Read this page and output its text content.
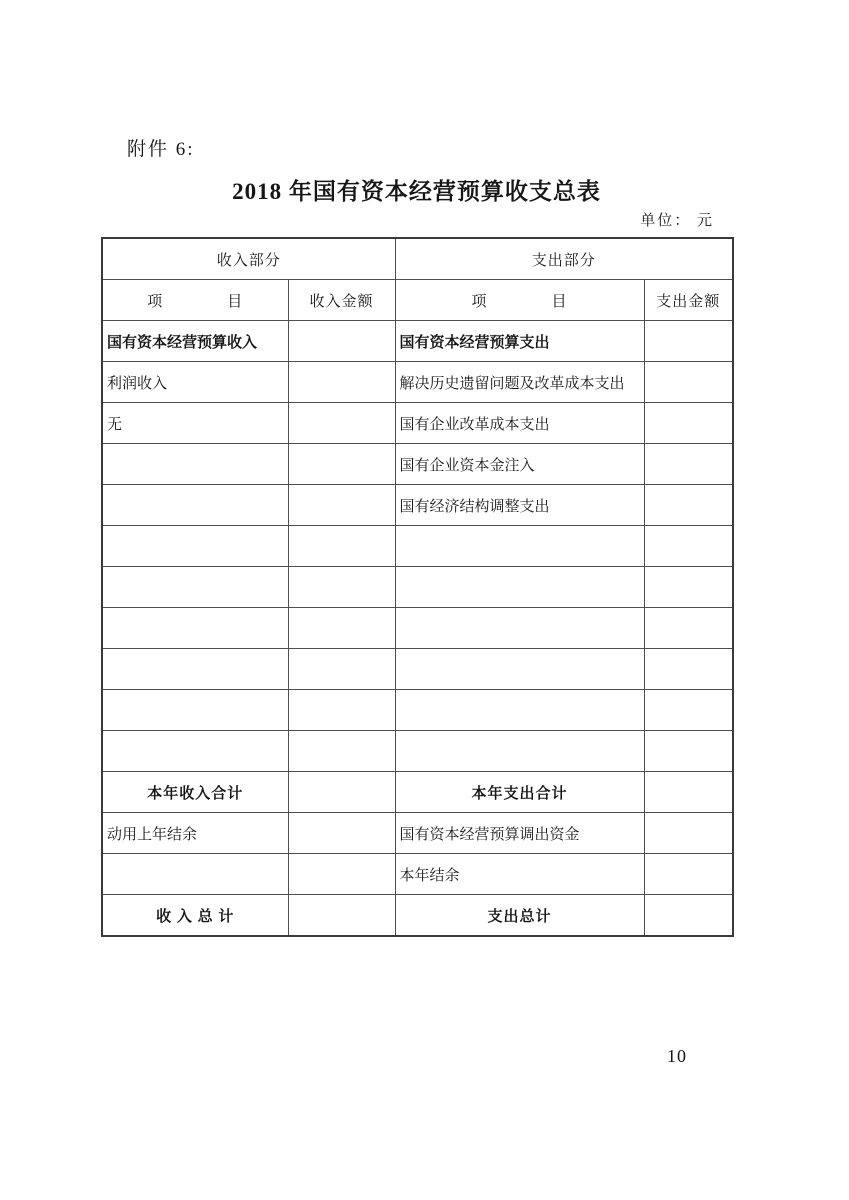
附件 6:
2018 年国有资本经营预算收支总表
单位： 元
收入部分		支出部分	
项　　　　目	收入金额	项　　　　目	支出金额
国有资本经营预算收入		国有资本经营预算支出	
利润收入		解决历史遗留问题及改革成本支出	
无		国有企业改革成本支出	
		国有企业资本金注入	
		国有经济结构调整支出	

本年收入合计		本年支出合计	
动用上年结余		国有资本经营预算调出资金	
		本年结余	
收 入 总 计		支出总计	
10
